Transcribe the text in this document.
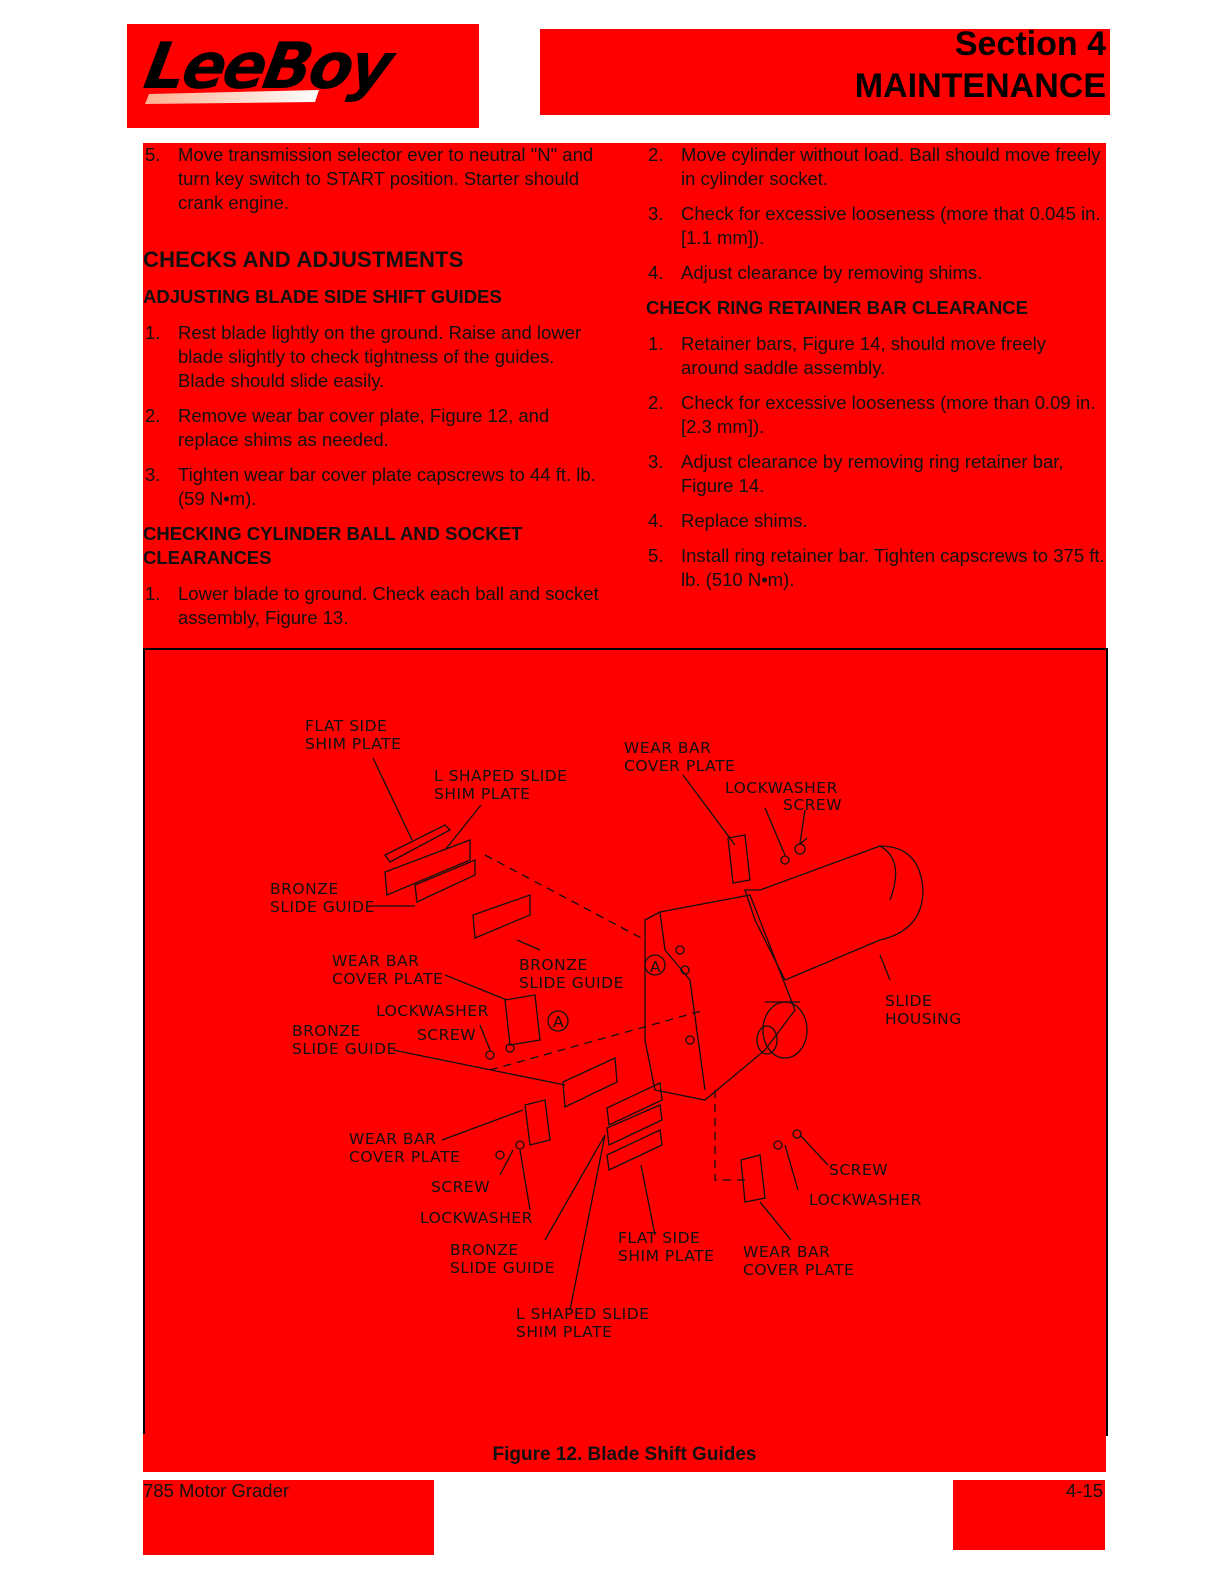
LeeBoy	Section 4
MAINTENANCE
5. Move transmission selector ever to neutral "N" and turn key switch to START position. Starter should crank engine.
CHECKS AND ADJUSTMENTS
ADJUSTING BLADE SIDE SHIFT GUIDES
1. Rest blade lightly on the ground. Raise and lower blade slightly to check tightness of the guides. Blade should slide easily.
2. Remove wear bar cover plate, Figure 12, and replace shims as needed.
3. Tighten wear bar cover plate capscrews to 44 ft. lb. (59 N•m).
CHECKING CYLINDER BALL AND SOCKET CLEARANCES
1. Lower blade to ground. Check each ball and socket assembly, Figure 13.
2. Move cylinder without load. Ball should move freely in cylinder socket.
3. Check for excessive looseness (more that 0.045 in. [1.1 mm]).
4. Adjust clearance by removing shims.
CHECK RING RETAINER BAR CLEARANCE
1. Retainer bars, Figure 14, should move freely around saddle assembly.
2. Check for excessive looseness (more than 0.09 in. [2.3 mm]).
3. Adjust clearance by removing ring retainer bar, Figure 14.
4. Replace shims.
5. Install ring retainer bar. Tighten capscrews to 375 ft. lb. (510 N•m).
FLAT SIDE
SHIM PLATE
L SHAPED SLIDE
SHIM PLATE
WEAR BAR
COVER PLATE
LOCKWASHER
SCREW
BRONZE
SLIDE GUIDE
WEAR BAR
COVER PLATE
BRONZE
SLIDE GUIDE
SLIDE
HOUSING
LOCKWASHER
BRONZE
SLIDE GUIDE
SCREW
A
A
WEAR BAR
COVER PLATE
SCREW
LOCKWASHER
BRONZE
SLIDE GUIDE
FLAT SIDE
SHIM PLATE WEAR BAR
COVER PLATE
L SHAPED SLIDE
SHIM PLATE
SCREW
LOCKWASHER
Figure 12. Blade Shift Guides
785 Motor Grader	4-15
